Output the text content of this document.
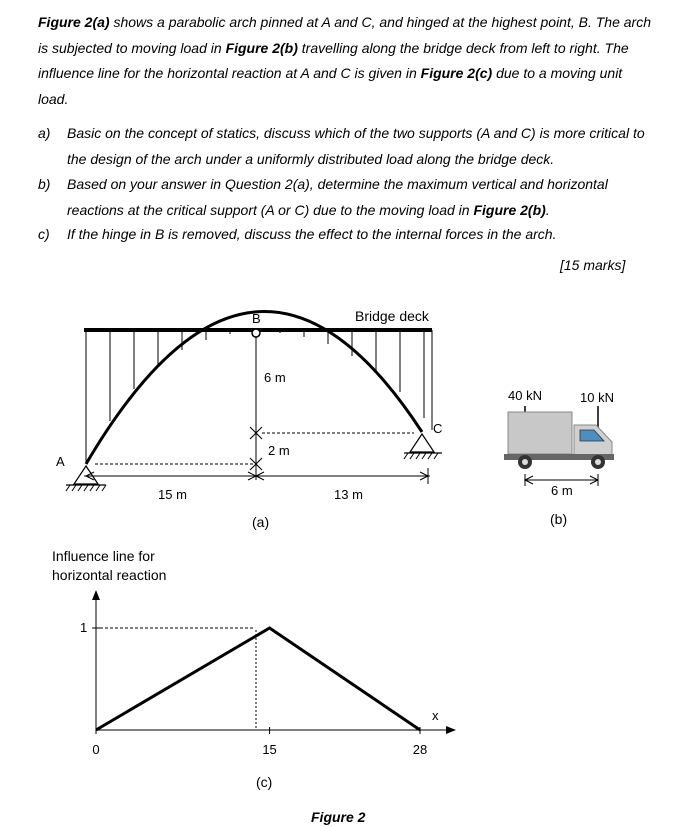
Figure 2(a) shows a parabolic arch pinned at A and C, and hinged at the highest point, B. The arch is subjected to moving load in Figure 2(b) travelling along the bridge deck from left to right. The influence line for the horizontal reaction at A and C is given in Figure 2(c) due to a moving unit load.
a)	Basic on the concept of statics, discuss which of the two supports (A and C) is more critical to the design of the arch under a uniformly distributed load along the bridge deck.
b)	Based on your answer in Question 2(a), determine the maximum vertical and horizontal reactions at the critical support (A or C) due to the moving load in Figure 2(b).
c)	If the hinge in B is removed, discuss the effect to the internal forces in the arch.
[15 marks]
B	Bridge deck
A
C
6 m
2 m
15 m	13 m
(a)
40 kN	10 kN
6 m
(b)
Influence line for
horizontal reaction
x
1
0	15	28
(c)
Figure 2
